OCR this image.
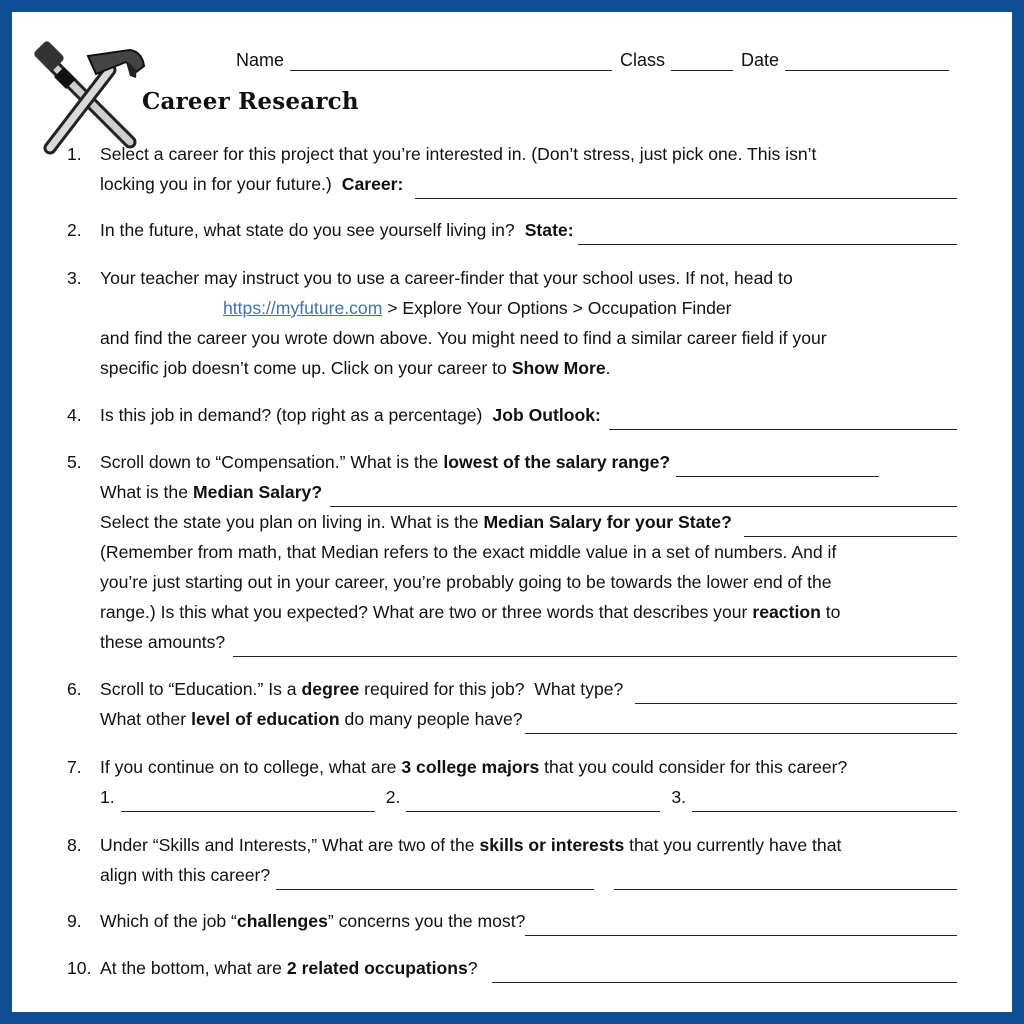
Name	Class	Date
Career Research
1. Select a career for this project that you’re interested in. (Don’t stress, just pick one. This isn’t
locking you in for your future.) Career:
2. In the future, what state do you see yourself living in? State:
3. Your teacher may instruct you to use a career-finder that your school uses. If not, head to
https://myfuture.com > Explore Your Options > Occupation Finder
and find the career you wrote down above. You might need to find a similar career field if your
specific job doesn’t come up. Click on your career to Show More .
4. Is this job in demand? (top right as a percentage) Job Outlook:
5. Scroll down to “Compensation.” What is the lowest of the salary range?
What is the Median Salary?
Select the state you plan on living in. What is the Median Salary for your State?
(Remember from math, that Median refers to the exact middle value in a set of numbers. And if
you’re just starting out in your career, you’re probably going to be towards the lower end of the
range.) Is this what you expected? What are two or three words that describes your reaction to
these amounts?
6. Scroll to “Education.” Is a degree required for this job?  What type?
What other level of education do many people have?
7. If you continue on to college, what are 3 college majors that you could consider for this career?
1.	2.	3.
8. Under “Skills and Interests,” What are two of the skills or interests that you currently have that
align with this career?
9. Which of the job “ challenges ” concerns you the most?
10. At the bottom, what are 2 related occupations ?
